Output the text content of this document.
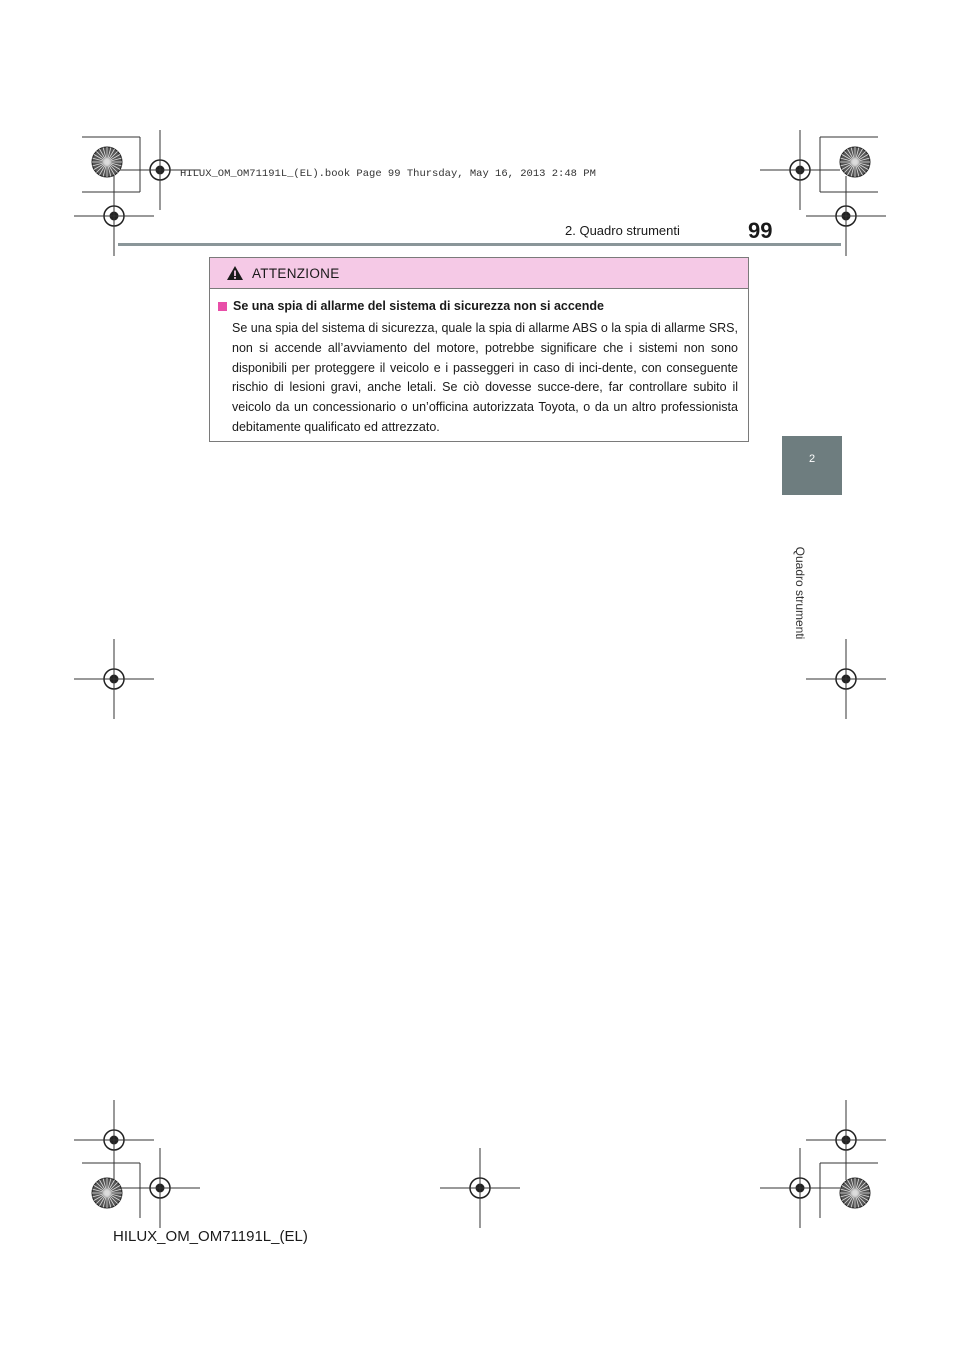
HILUX_OM_OM71191L_(EL).book Page 99 Thursday, May 16, 2013 2:48 PM
2. Quadro strumenti	99
2
Quadro strumenti
ATTENZIONE
Se una spia di allarme del sistema di sicurezza non si accende

Se una spia del sistema di sicurezza, quale la spia di allarme ABS o la spia di allarme SRS, non si accende all’avviamento del motore, potrebbe significare che i sistemi non sono disponibili per proteggere il veicolo e i passeggeri in caso di inci-dente, con conseguente rischio di lesioni gravi, anche letali. Se ciò dovesse succe-dere, far controllare subito il veicolo da un concessionario o un’officina autorizzata Toyota, o da un altro professionista debitamente qualificato ed attrezzato.

HILUX_OM_OM71191L_(EL)
